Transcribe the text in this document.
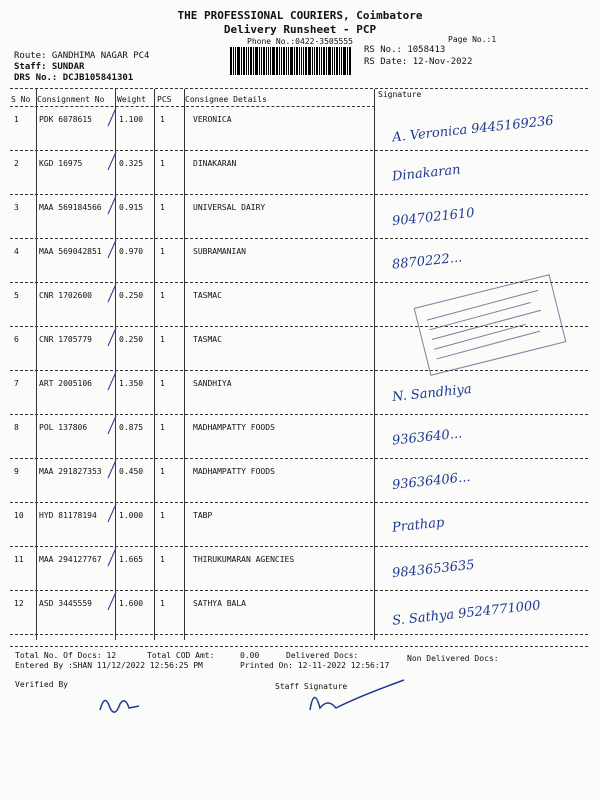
THE PROFESSIONAL COURIERS, Coimbatore
Delivery Runsheet - PCP
Phone No.:0422-3505555	Page No.:1
Route: GANDHIMA NAGAR PC4
Staff: SUNDAR
DRS No.: DCJB105841301
RS No.: 1058413
RS Date: 12-Nov-2022
S No Consignment No Weight PCS Consignee Details
Signature
1	PDK 6078615	1.100 1	VERONICA	A. Veronica 9445169236
2	KGD 16975	0.325 1	DINAKARAN	Dinakaran
3	MAA 569184566 0.915 1	UNIVERSAL DAIRY	9047021610
4	MAA 569042851 0.970 1	SUBRAMANIAN	8870222...
5	CNR 1702600	0.250 1	TASMAC
6	CNR 1705779	0.250 1	TASMAC
7	ART 2005106	1.350 1	SANDHIYA	N. Sandhiya
8	POL 137806	0.875 1	MADHAMPATTY FOODS	9363640...
9	MAA 291827353 0.450 1	MADHAMPATTY FOODS	93636406...
10 HYD 81178194	1.000 1	TABP	Prathap
11 MAA 294127767 1.665 1	THIRUKUMARAN AGENCIES	9843653635
12 ASD 3445559	1.600 1	SATHYA BALA	S. Sathya 9524771000
Total No. Of Docs: 12	Total COD Amt:	0.00	Delivered Docs:	Non Delivered Docs:
Entered By :SHAN 11/12/2022 12:56:25 PM	Printed On: 12-11-2022 12:56:17
Verified By	Staff Signature
